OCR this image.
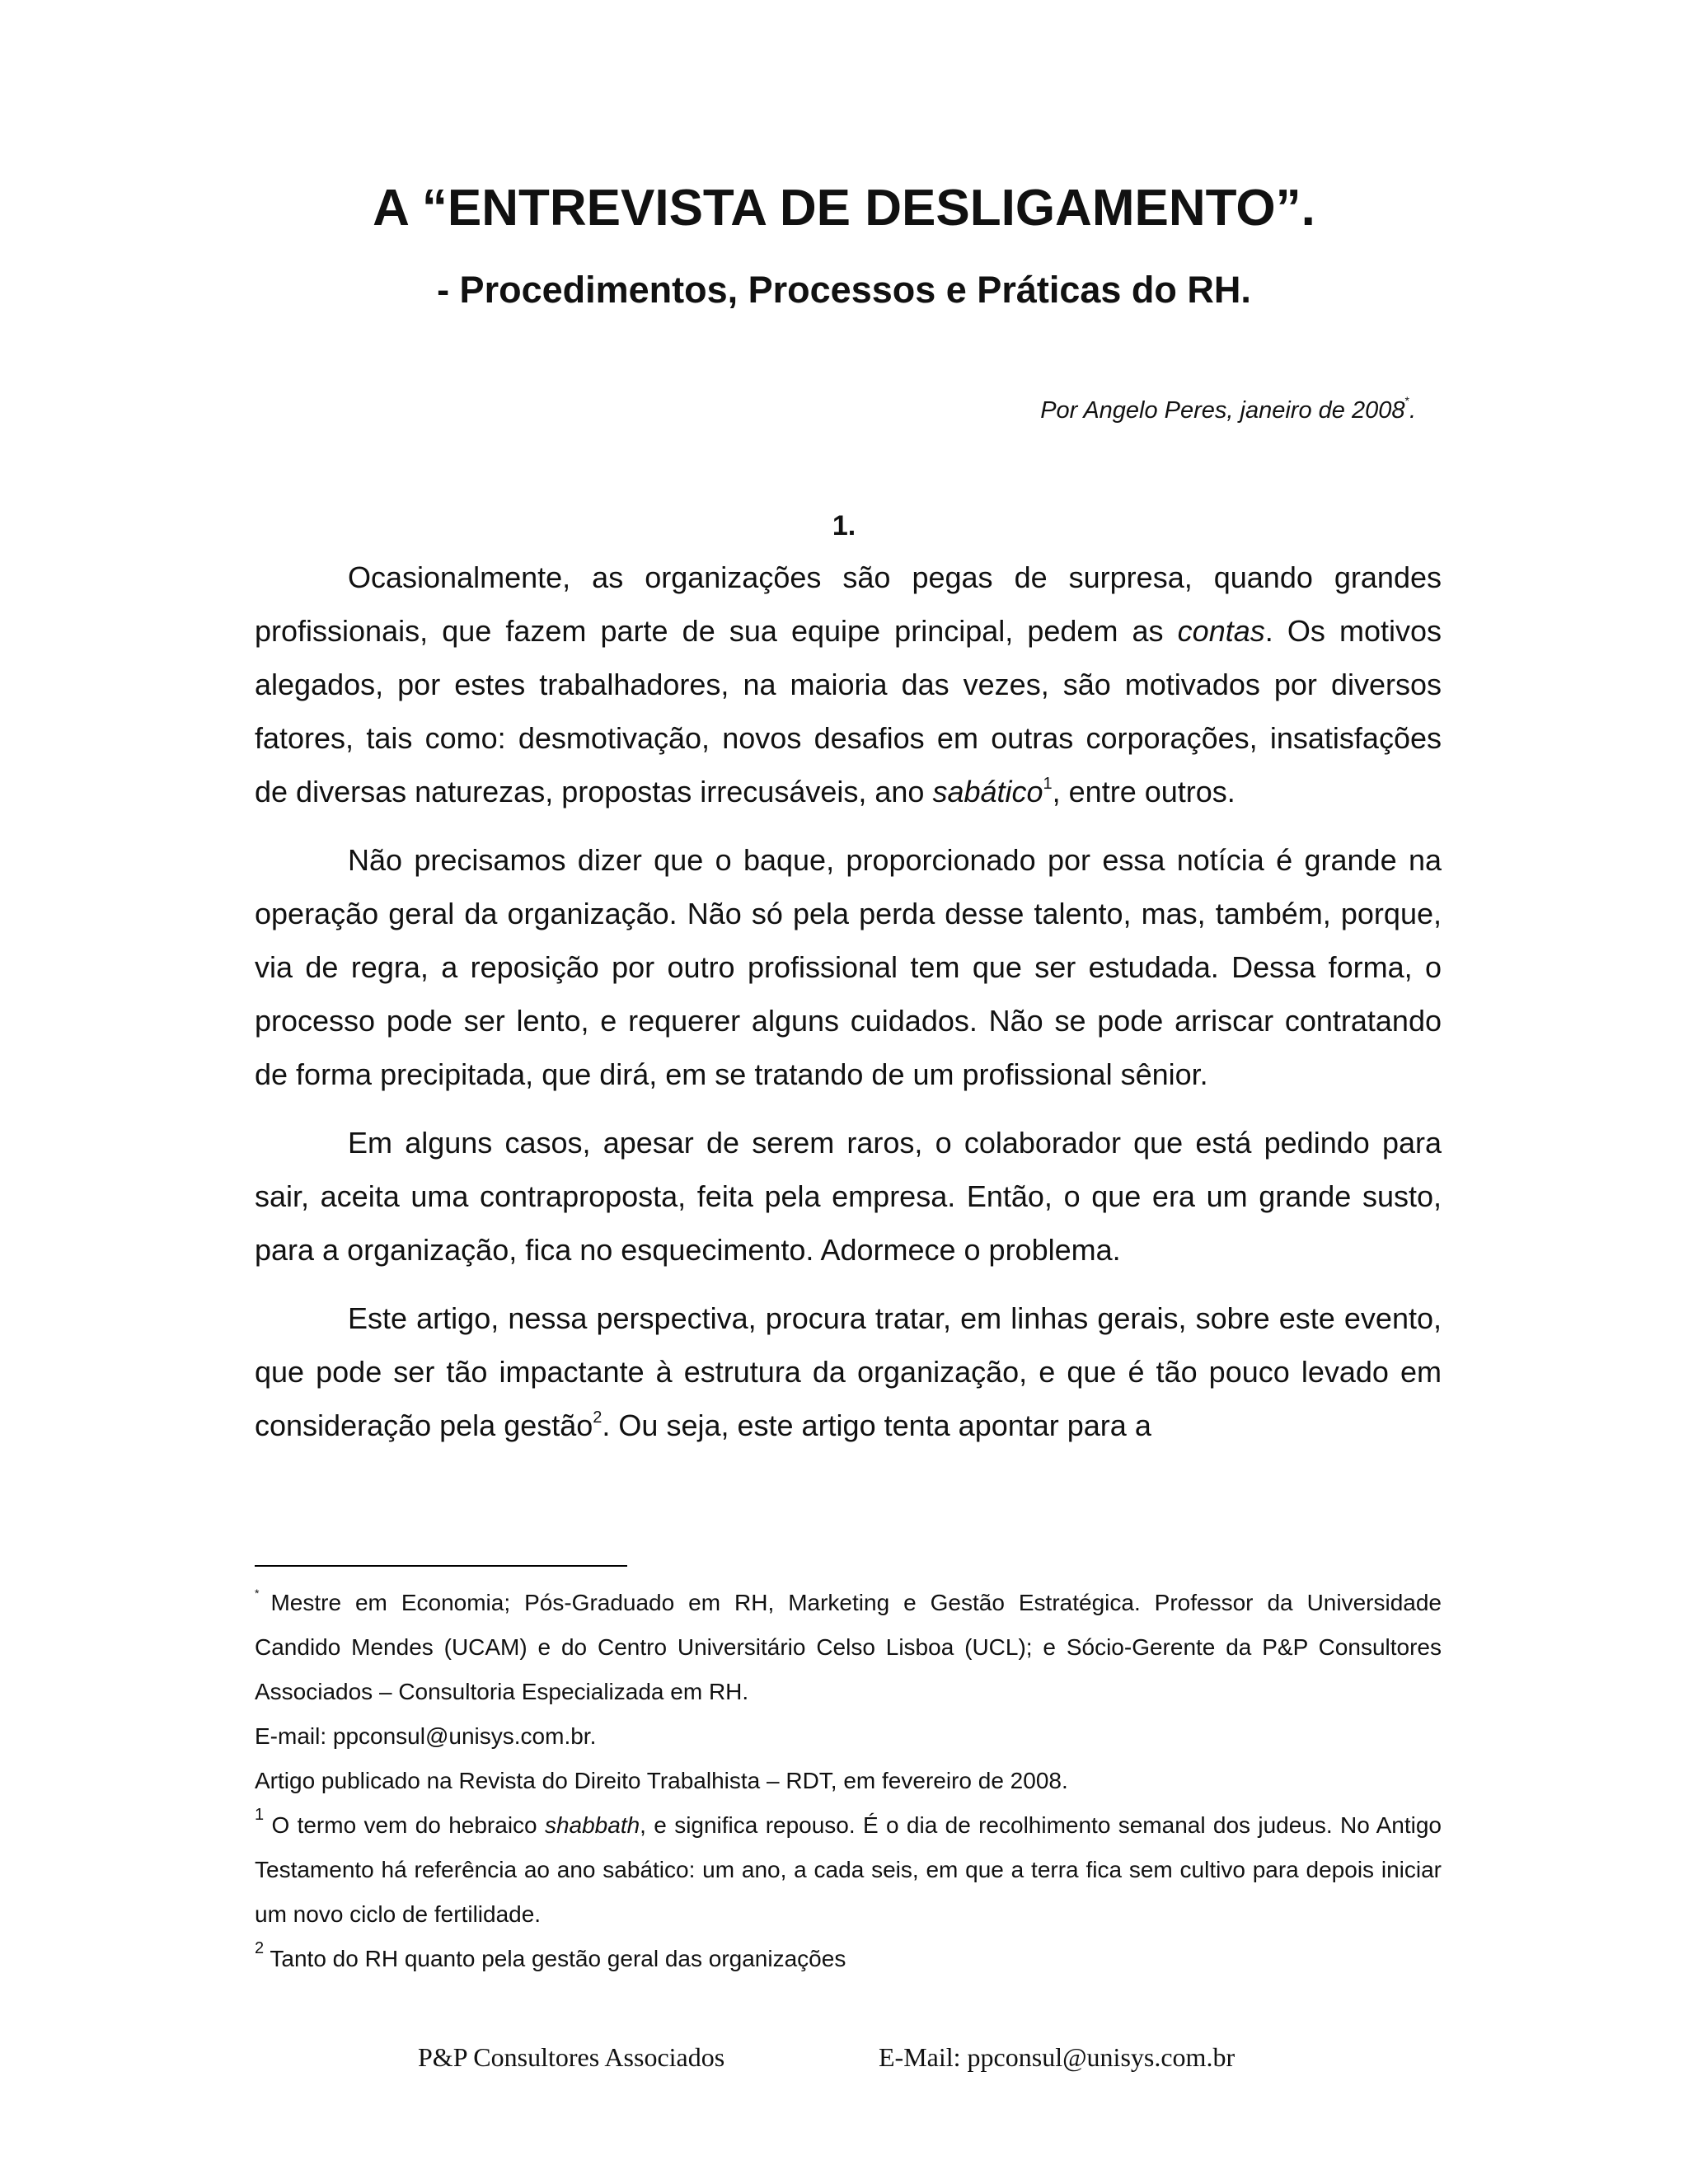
A “ENTREVISTA DE DESLIGAMENTO”.
- Procedimentos, Processos e Práticas do RH.
Por Angelo Peres, janeiro de 2008*.
1.

Ocasionalmente, as organizações são pegas de surpresa, quando grandes profissionais, que fazem parte de sua equipe principal, pedem as contas. Os motivos alegados, por estes trabalhadores, na maioria das vezes, são motivados por diversos fatores, tais como: desmotivação, novos desafios em outras corporações, insatisfações de diversas naturezas, propostas irrecusáveis, ano sabático$^1$, entre outros.

Não precisamos dizer que o baque, proporcionado por essa notícia é grande na operação geral da organização. Não só pela perda desse talento, mas, também, porque, via de regra, a reposição por outro profissional tem que ser estudada. Dessa forma, o processo pode ser lento, e requerer alguns cuidados. Não se pode arriscar contratando de forma precipitada, que dirá, em se tratando de um profissional sênior.

Em alguns casos, apesar de serem raros, o colaborador que está pedindo para sair, aceita uma contraproposta, feita pela empresa. Então, o que era um grande susto, para a organização, fica no esquecimento. Adormece o problema.

Este artigo, nessa perspectiva, procura tratar, em linhas gerais, sobre este evento, que pode ser tão impactante à estrutura da organização, e que é tão pouco levado em consideração pela gestão$^2$. Ou seja, este artigo tenta apontar para a

* Mestre em Economia; Pós-Graduado em RH, Marketing e Gestão Estratégica. Professor da Universidade Candido Mendes (UCAM) e do Centro Universitário Celso Lisboa (UCL); e Sócio-Gerente da P&P Consultores Associados – Consultoria Especializada em RH.

E-mail: ppconsul@unisys.com.br.

Artigo publicado na Revista do Direito Trabalhista – RDT, em fevereiro de 2008.

$^1$ O termo vem do hebraico shabbath, e significa repouso. É o dia de recolhimento semanal dos judeus. No Antigo Testamento há referência ao ano sabático: um ano, a cada seis, em que a terra fica sem cultivo para depois iniciar um novo ciclo de fertilidade.

$^2$ Tanto do RH quanto pela gestão geral das organizações

P&P Consultores Associados	E-Mail: ppconsul@unisys.com.br
